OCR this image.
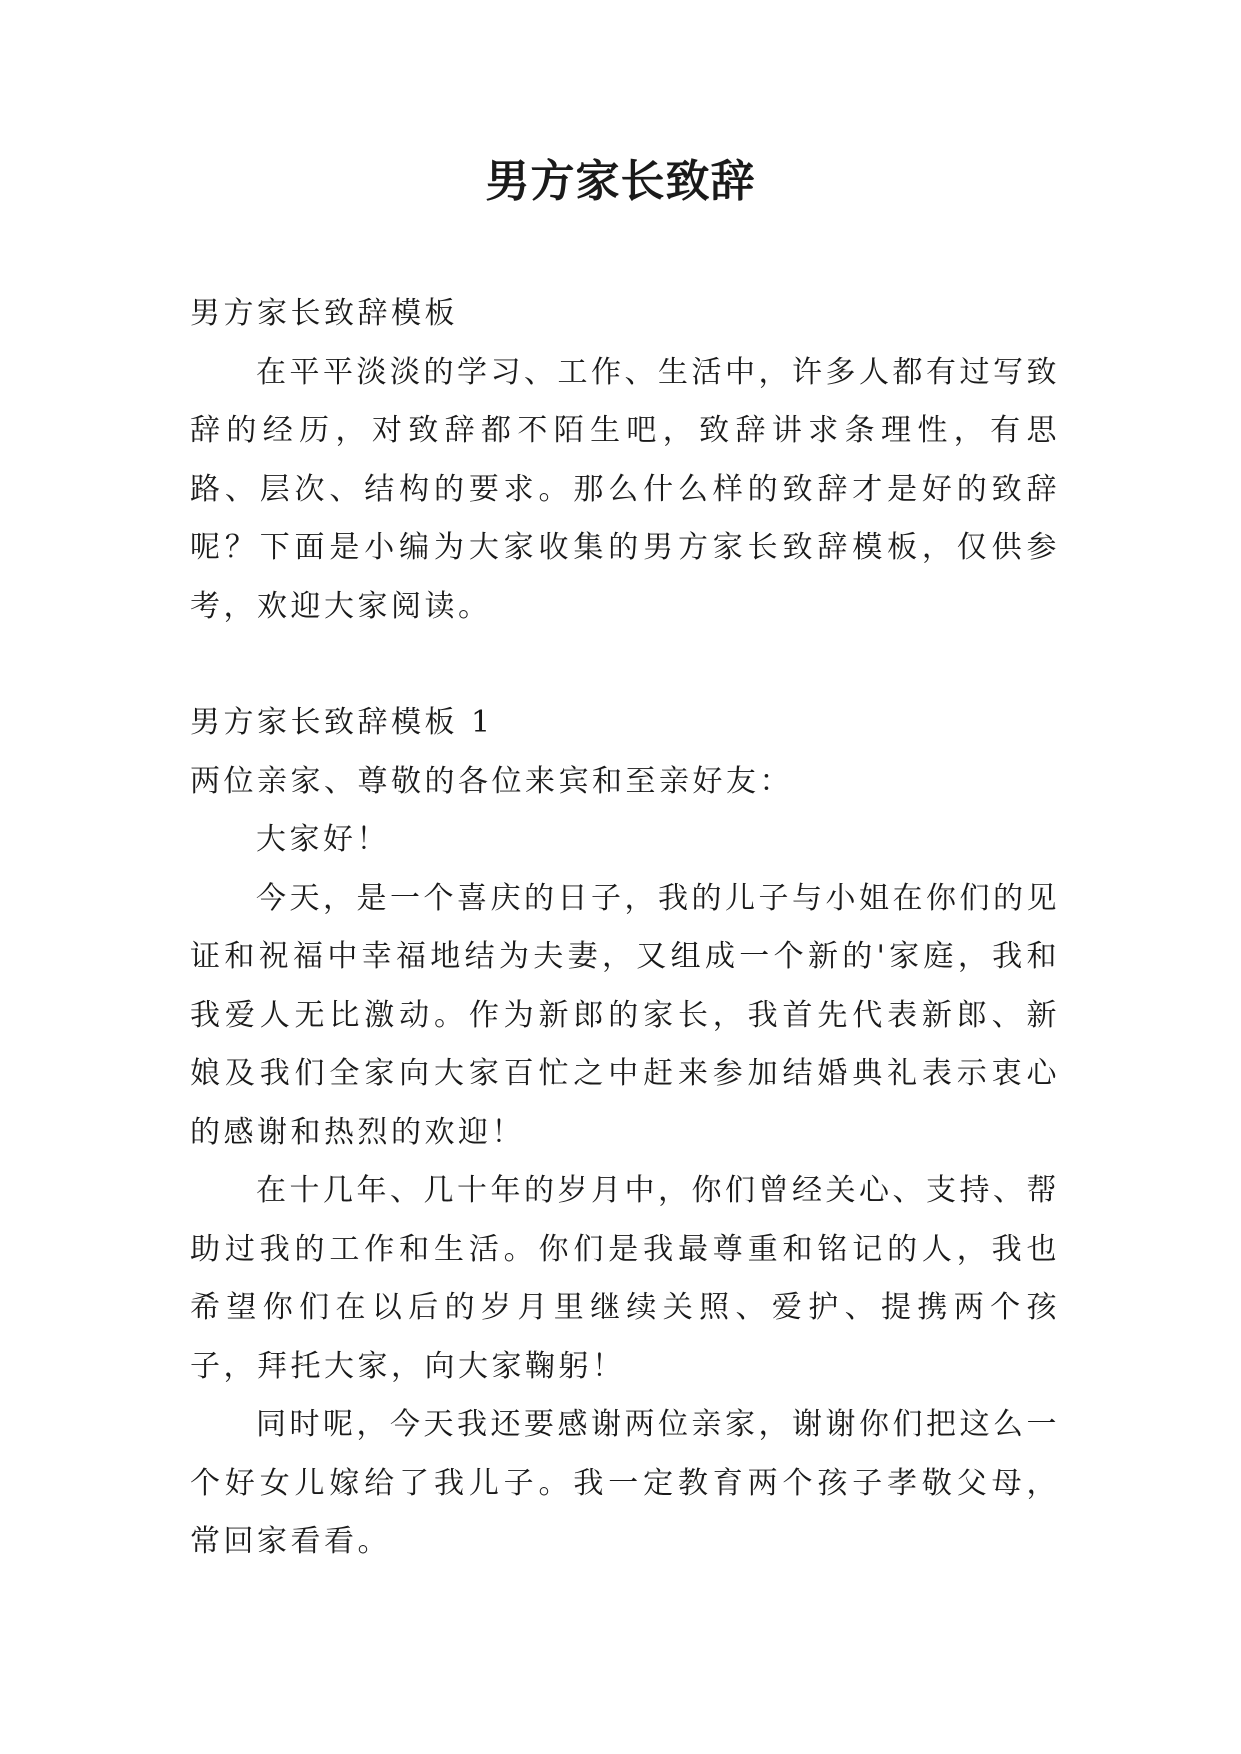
男方家长致辞

男方家长致辞模板

在平平淡淡的学习、工作、生活中，许多人都有过写致辞的经历，对致辞都不陌生吧，致辞讲求条理性，有思路、层次、结构的要求。那么什么样的致辞才是好的致辞呢？下面是小编为大家收集的男方家长致辞模板，仅供参考，欢迎大家阅读。

男方家长致辞模板 1

两位亲家、尊敬的各位来宾和至亲好友：

大家好！

今天，是一个喜庆的日子，我的儿子与小姐在你们的见证和祝福中幸福地结为夫妻，又组成一个新的'家庭，我和我爱人无比激动。作为新郎的家长，我首先代表新郎、新娘及我们全家向大家百忙之中赶来参加结婚典礼表示衷心的感谢和热烈的欢迎！

在十几年、几十年的岁月中，你们曾经关心、支持、帮助过我的工作和生活。你们是我最尊重和铭记的人，我也希望你们在以后的岁月里继续关照、爱护、提携两个孩子，拜托大家，向大家鞠躬！

同时呢，今天我还要感谢两位亲家，谢谢你们把这么一个好女儿嫁给了我儿子。我一定教育两个孩子孝敬父母，常回家看看。
